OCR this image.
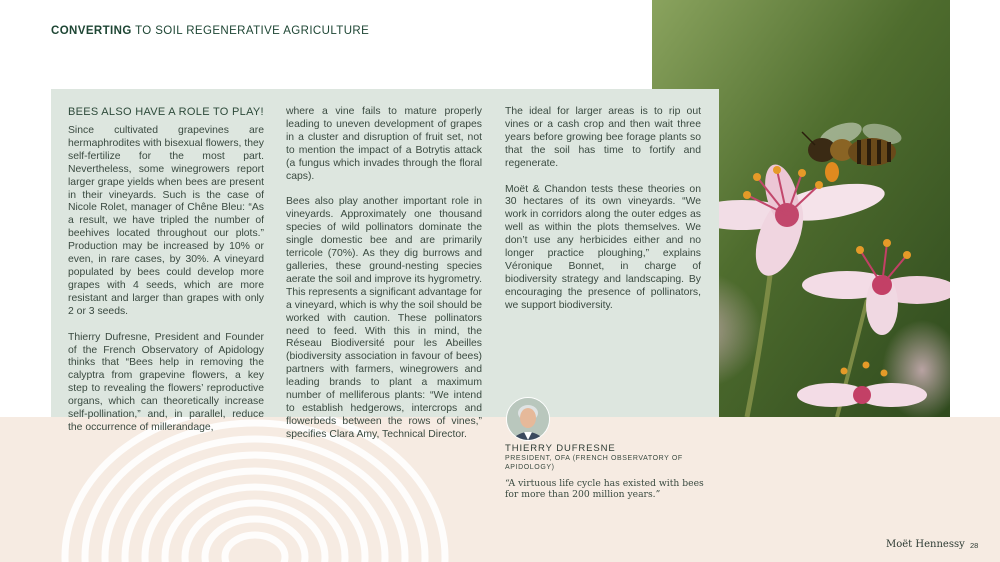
CONVERTING TO SOIL REGENERATIVE AGRICULTURE
BEES ALSO HAVE A ROLE TO PLAY!

Since cultivated grapevines are hermaphrodites with bisexual flowers, they self-fertilize for the most part. Nevertheless, some winegrowers report larger grape yields when bees are present in their vineyards. Such is the case of Nicole Rolet, manager of Chêne Bleu: “As a result, we have tripled the number of beehives located throughout our plots.” Production may be increased by 10% or even, in rare cases, by 30%. A vineyard populated by bees could develop more grapes with 4 seeds, which are more resistant and larger than grapes with only 2 or 3 seeds.

Thierry Dufresne, President and Founder of the French Observatory of Apidology thinks that “Bees help in removing the calyptra from grapevine flowers, a key step to revealing the flowers’ reproductive organs, which can theoretically increase self-pollination,” and, in parallel, reduce the occurrence of millerandage,

where a vine fails to mature properly leading to uneven development of grapes in a cluster and disruption of fruit set, not to mention the impact of a Botrytis attack (a fungus which invades through the floral caps).

Bees also play another important role in vineyards. Approximately one thousand species of wild pollinators dominate the single domestic bee and are primarily terricole (70%). As they dig burrows and galleries, these ground-nesting species aerate the soil and improve its hygrometry. This represents a significant advantage for a vineyard, which is why the soil should be worked with caution. These pollinators need to feed. With this in mind, the Réseau Biodiversité pour les Abeilles (biodiversity association in favour of bees) partners with farmers, winegrowers and leading brands to plant a maximum number of melliferous plants: “We intend to establish hedgerows, intercrops and flowerbeds between the rows of vines,” specifies Clara Amy, Technical Director.

The ideal for larger areas is to rip out vines or a cash crop and then wait three years before growing bee forage plants so that the soil has time to fortify and regenerate.

Moët & Chandon tests these theories on 30 hectares of its own vineyards. “We work in corridors along the outer edges as well as within the plots themselves. We don’t use any herbicides either and no longer practice ploughing,” explains Véronique Bonnet, in charge of biodiversity strategy and landscaping. By encouraging the presence of pollinators, we support biodiversity.

THIERRY DUFRESNE
PRESIDENT, OFA (FRENCH OBSERVATORY OF APIDOLOGY)
“A virtuous life cycle has existed with bees for more than 200 million years.”
Moët Hennessy 28
